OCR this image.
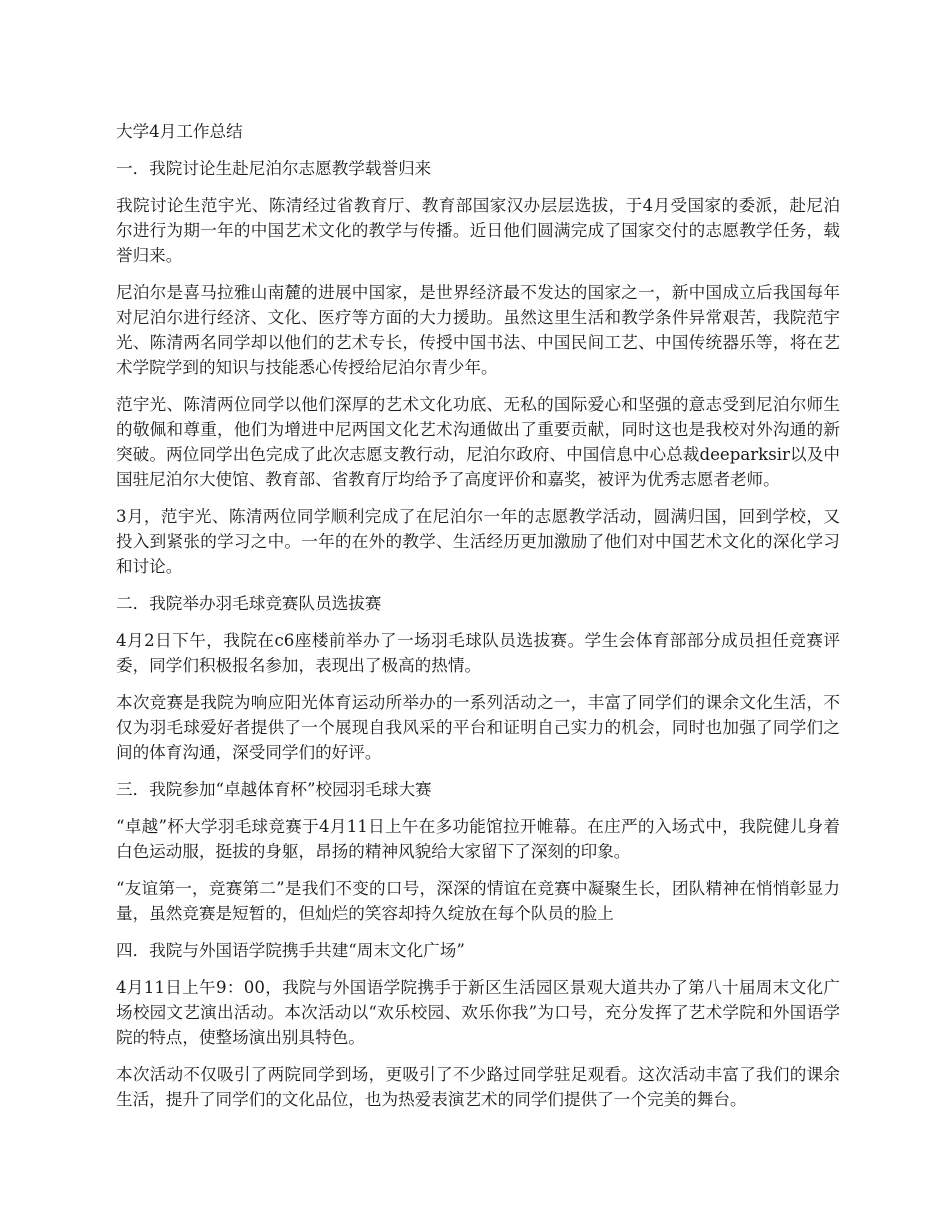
大学4月工作总结

一．我院讨论生赴尼泊尔志愿教学载誉归来

我院讨论生范宇光、陈清经过省教育厅、教育部国家汉办层层选拔，于4月受国家的委派，赴尼泊尔进行为期一年的中国艺术文化的教学与传播。近日他们圆满完成了国家交付的志愿教学任务，载誉归来。

尼泊尔是喜马拉雅山南麓的进展中国家，是世界经济最不发达的国家之一，新中国成立后我国每年对尼泊尔进行经济、文化、医疗等方面的大力援助。虽然这里生活和教学条件异常艰苦，我院范宇光、陈清两名同学却以他们的艺术专长，传授中国书法、中国民间工艺、中国传统器乐等，将在艺术学院学到的知识与技能悉心传授给尼泊尔青少年。

范宇光、陈清两位同学以他们深厚的艺术文化功底、无私的国际爱心和坚强的意志受到尼泊尔师生的敬佩和尊重，他们为增进中尼两国文化艺术沟通做出了重要贡献，同时这也是我校对外沟通的新突破。两位同学出色完成了此次志愿支教行动，尼泊尔政府、中国信息中心总裁deeparksir以及中国驻尼泊尔大使馆、教育部、省教育厅均给予了高度评价和嘉奖，被评为优秀志愿者老师。

3月，范宇光、陈清两位同学顺利完成了在尼泊尔一年的志愿教学活动，圆满归国，回到学校，又投入到紧张的学习之中。一年的在外的教学、生活经历更加激励了他们对中国艺术文化的深化学习和讨论。

二．我院举办羽毛球竞赛队员选拔赛

4月2日下午，我院在c6座楼前举办了一场羽毛球队员选拔赛。学生会体育部部分成员担任竞赛评委，同学们积极报名参加，表现出了极高的热情。

本次竞赛是我院为响应阳光体育运动所举办的一系列活动之一，丰富了同学们的课余文化生活，不仅为羽毛球爱好者提供了一个展现自我风采的平台和证明自己实力的机会，同时也加强了同学们之间的体育沟通，深受同学们的好评。

三．我院参加“卓越体育杯”校园羽毛球大赛

“卓越”杯大学羽毛球竞赛于4月11日上午在多功能馆拉开帷幕。在庄严的入场式中，我院健儿身着白色运动服，挺拔的身躯，昂扬的精神风貌给大家留下了深刻的印象。

“友谊第一，竞赛第二”是我们不变的口号，深深的情谊在竞赛中凝聚生长，团队精神在悄悄彰显力量，虽然竞赛是短暂的，但灿烂的笑容却持久绽放在每个队员的脸上

四．我院与外国语学院携手共建“周末文化广场”

4月11日上午9：00，我院与外国语学院携手于新区生活园区景观大道共办了第八十届周末文化广场校园文艺演出活动。本次活动以“欢乐校园、欢乐你我”为口号，充分发挥了艺术学院和外国语学院的特点，使整场演出别具特色。

本次活动不仅吸引了两院同学到场，更吸引了不少路过同学驻足观看。这次活动丰富了我们的课余生活，提升了同学们的文化品位，也为热爱表演艺术的同学们提供了一个完美的舞台。
